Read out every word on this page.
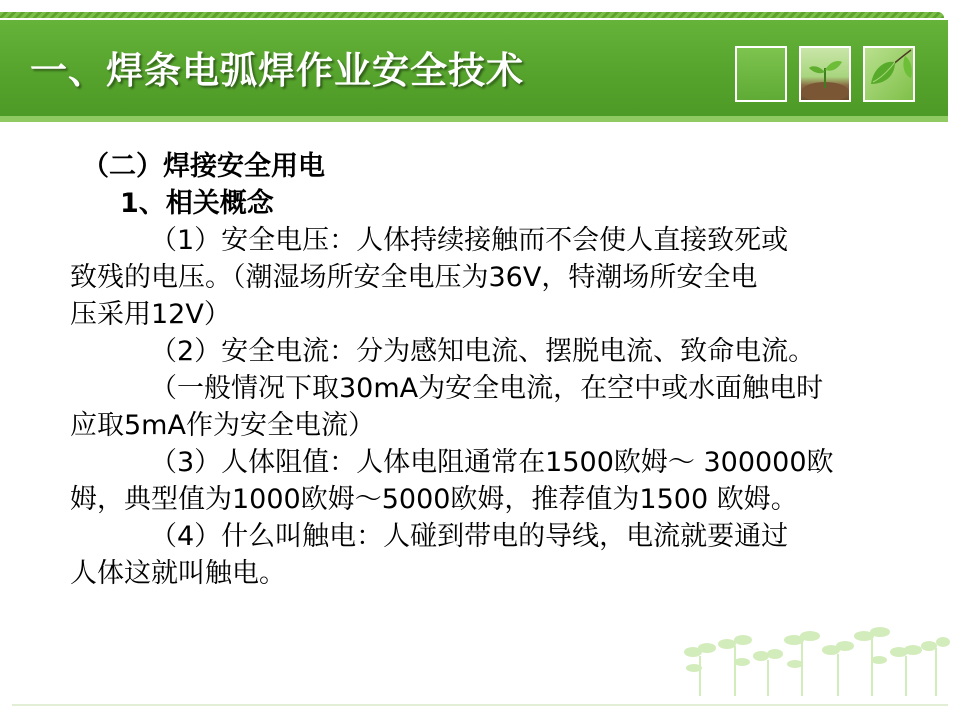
一、焊条电弧焊作业安全技术

（二）焊接安全用电

1、相关概念

（1）安全电压：人体持续接触而不会使人直接致死或

致残的电压。（潮湿场所安全电压为36V，特潮场所安全电

压采用12V）

（2）安全电流：分为感知电流、摆脱电流、致命电流。

（一般情况下取30mA为安全电流，在空中或水面触电时

应取5mA作为安全电流）

（3）人体阻值：人体电阻通常在1500欧姆～ 300000欧

姆，典型值为1000欧姆～5000欧姆，推荐值为1500 欧姆。

（4）什么叫触电：人碰到带电的导线，电流就要通过

人体这就叫触电。
